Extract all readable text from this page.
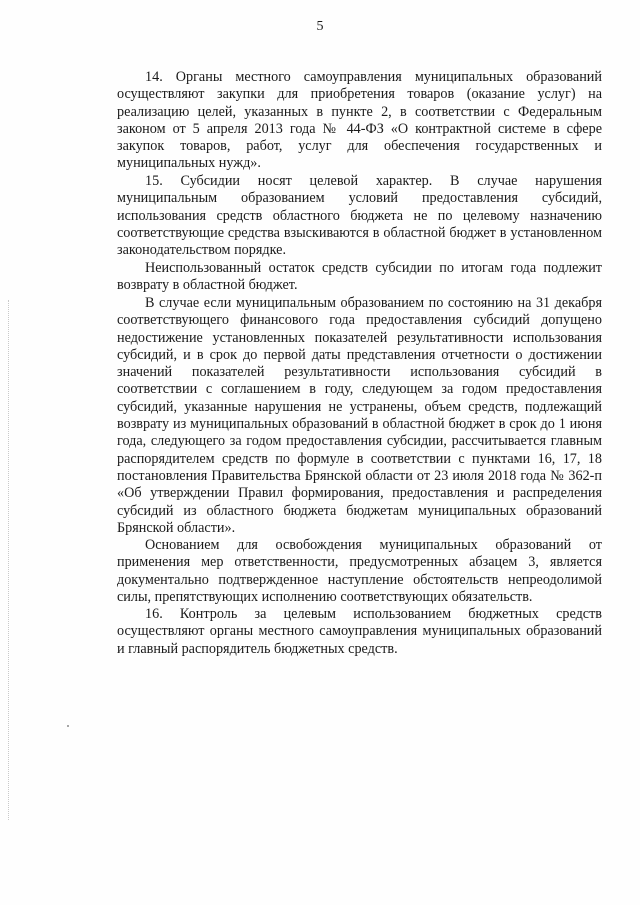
5

14. Органы местного самоуправления муниципальных образований осуществляют закупки для приобретения товаров (оказание услуг) на реализацию целей, указанных в пункте 2, в соответствии с Федеральным законом от 5 апреля 2013 года № 44-ФЗ «О контрактной системе в сфере закупок товаров, работ, услуг для обеспечения государственных и муниципальных нужд».

15. Субсидии носят целевой характер. В случае нарушения муниципальным образованием условий предоставления субсидий, использования средств областного бюджета не по целевому назначению соответствующие средства взыскиваются в областной бюджет в установленном законодательством порядке.

Неиспользованный остаток средств субсидии по итогам года подлежит возврату в областной бюджет.

В случае если муниципальным образованием по состоянию на 31 декабря соответствующего финансового года предоставления субсидий допущено недостижение установленных показателей результативности использования субсидий, и в срок до первой даты представления отчетности о достижении значений показателей результативности использования субсидий в соответствии с соглашением в году, следующем за годом предоставления субсидий, указанные нарушения не устранены, объем средств, подлежащий возврату из муниципальных образований в областной бюджет в срок до 1 июня года, следующего за годом предоставления субсидии, рассчитывается главным распорядителем средств по формуле в соответствии с пунктами 16, 17, 18 постановления Правительства Брянской области от 23 июля 2018 года № 362-п «Об утверждении Правил формирования, предоставления и распределения субсидий из областного бюджета бюджетам муниципальных образований Брянской области».

Основанием для освобождения муниципальных образований от применения мер ответственности, предусмотренных абзацем 3, является документально подтвержденное наступление обстоятельств непреодолимой силы, препятствующих исполнению соответствующих обязательств.

16. Контроль за целевым использованием бюджетных средств осуществляют органы местного самоуправления муниципальных образований и главный распорядитель бюджетных средств.
